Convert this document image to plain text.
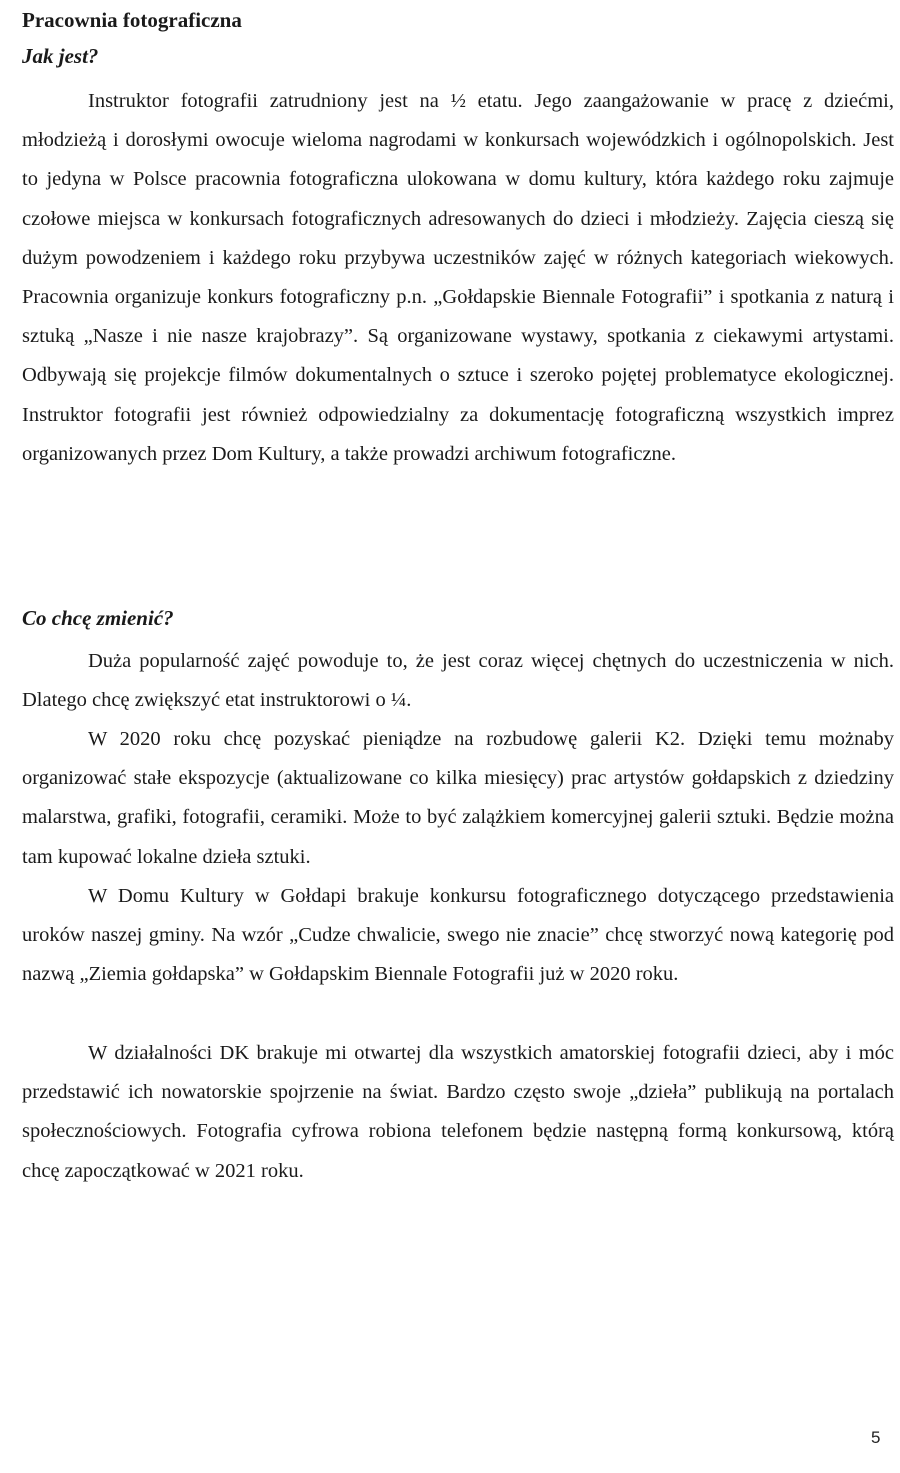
Pracownia fotograficzna
Jak jest?

Instruktor fotografii zatrudniony jest na ½ etatu. Jego zaangażowanie w pracę z dziećmi, młodzieżą i dorosłymi owocuje wieloma nagrodami w konkursach wojewódzkich i ogólnopolskich. Jest to jedyna w Polsce pracownia fotograficzna ulokowana w domu kultury, która każdego roku zajmuje czołowe miejsca w konkursach fotograficznych adresowanych do dzieci i młodzieży. Zajęcia cieszą się dużym powodzeniem i każdego roku przybywa uczestników zajęć w różnych kategoriach wiekowych. Pracownia organizuje konkurs fotograficzny p.n. „Gołdapskie Biennale Fotografii” i spotkania z naturą i sztuką „Nasze i nie nasze krajobrazy”. Są organizowane wystawy, spotkania z ciekawymi artystami. Odbywają się projekcje filmów dokumentalnych o sztuce i szeroko pojętej problematyce ekologicznej. Instruktor fotografii jest również odpowiedzialny za dokumentację fotograficzną wszystkich imprez organizowanych przez Dom Kultury, a także prowadzi archiwum fotograficzne.

Co chcę zmienić?

Duża popularność zajęć powoduje to, że jest coraz więcej chętnych do uczestniczenia w nich. Dlatego chcę zwiększyć etat instruktorowi o ¼.

W 2020 roku chcę pozyskać pieniądze na rozbudowę galerii K2. Dzięki temu możnaby organizować stałe ekspozycje (aktualizowane co kilka miesięcy) prac artystów gołdapskich z dziedziny malarstwa, grafiki, fotografii, ceramiki. Może to być zalążkiem komercyjnej galerii sztuki. Będzie można tam kupować lokalne dzieła sztuki.

W Domu Kultury w Gołdapi brakuje konkursu fotograficznego dotyczącego przedstawienia uroków naszej gminy. Na wzór „Cudze chwalicie, swego nie znacie” chcę stworzyć nową kategorię pod nazwą „Ziemia gołdapska” w Gołdapskim Biennale Fotografii już w 2020 roku.

W działalności DK brakuje mi otwartej dla wszystkich amatorskiej fotografii dzieci, aby i móc przedstawić ich nowatorskie spojrzenie na świat. Bardzo często swoje „dzieła” publikują na portalach społecznościowych. Fotografia cyfrowa robiona telefonem będzie następną formą konkursową, którą chcę zapoczątkować w 2021 roku.

5
